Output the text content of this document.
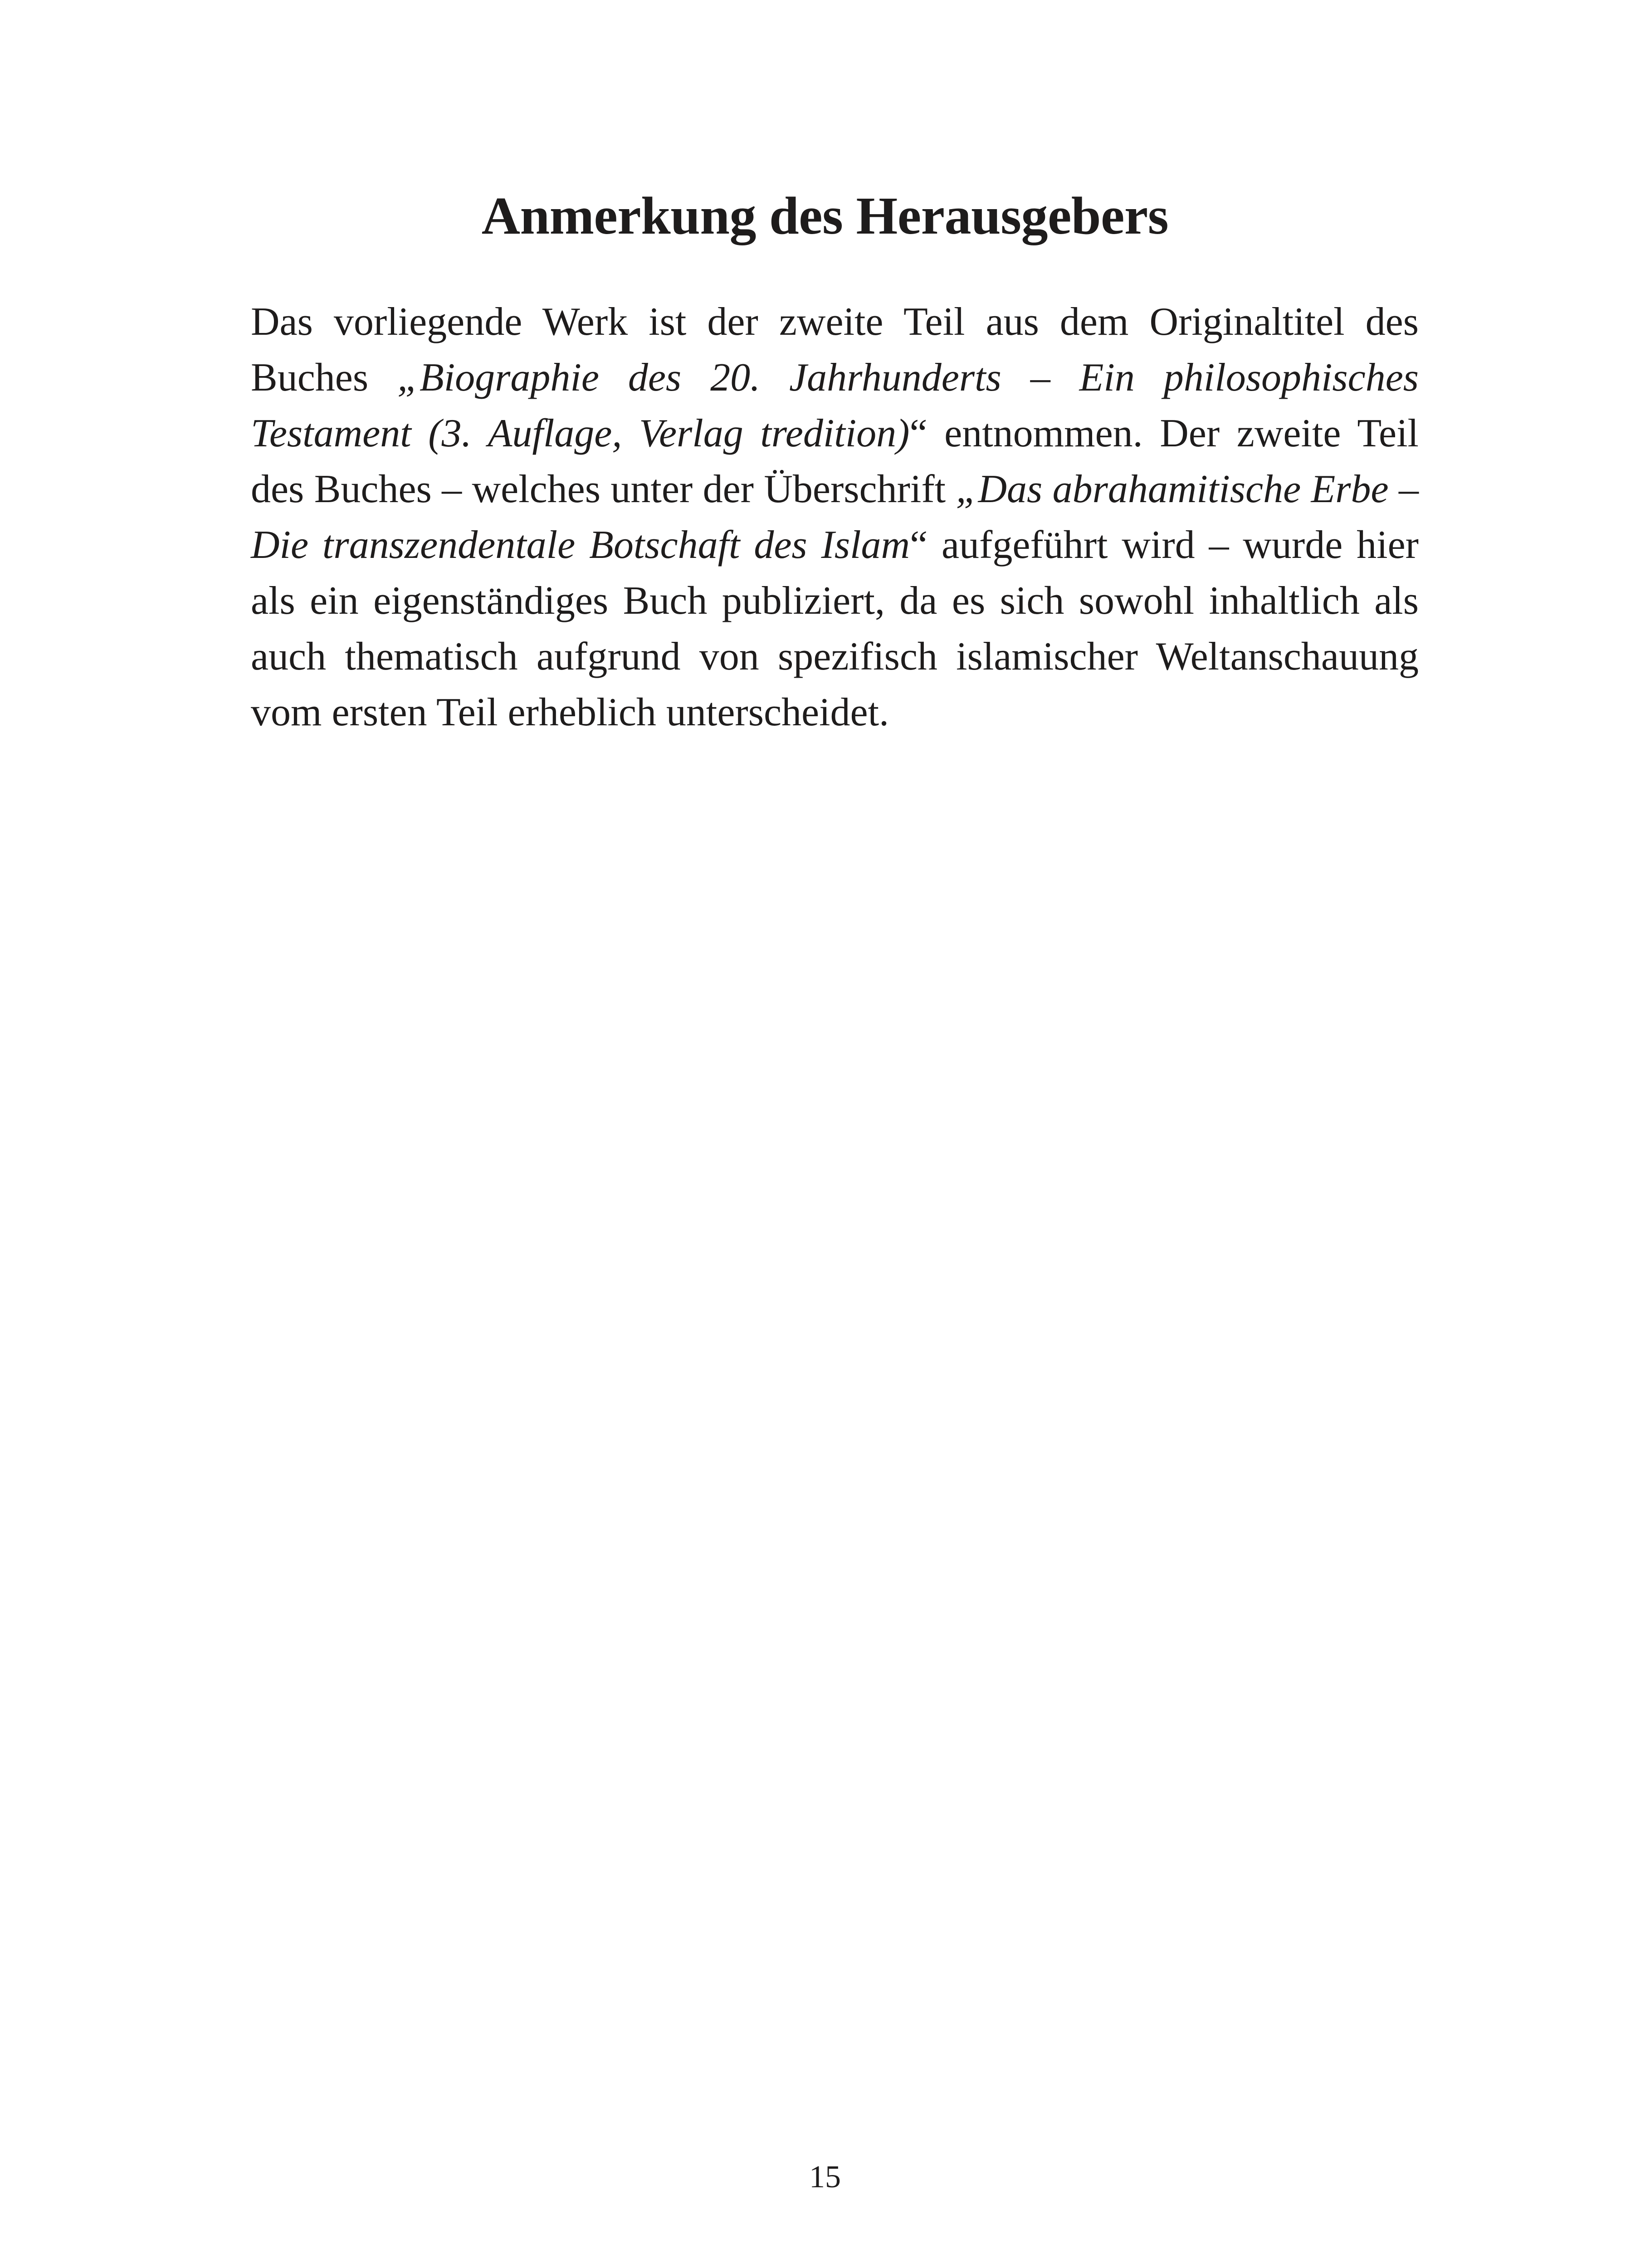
Anmerkung des Herausgebers

Das vorliegende Werk ist der zweite Teil aus dem Originaltitel des Buches „Biographie des 20. Jahrhunderts – Ein philosophisches Testament (3. Auflage, Verlag tredition)“ entnommen. Der zweite Teil des Buches – welches unter der Überschrift „Das abrahamitische Erbe – Die transzendentale Botschaft des Islam“ aufgeführt wird – wurde hier als ein eigenständiges Buch publiziert, da es sich sowohl inhaltlich als auch thematisch aufgrund von spezifisch islamischer Weltanschauung vom ersten Teil erheblich unterscheidet.

15
